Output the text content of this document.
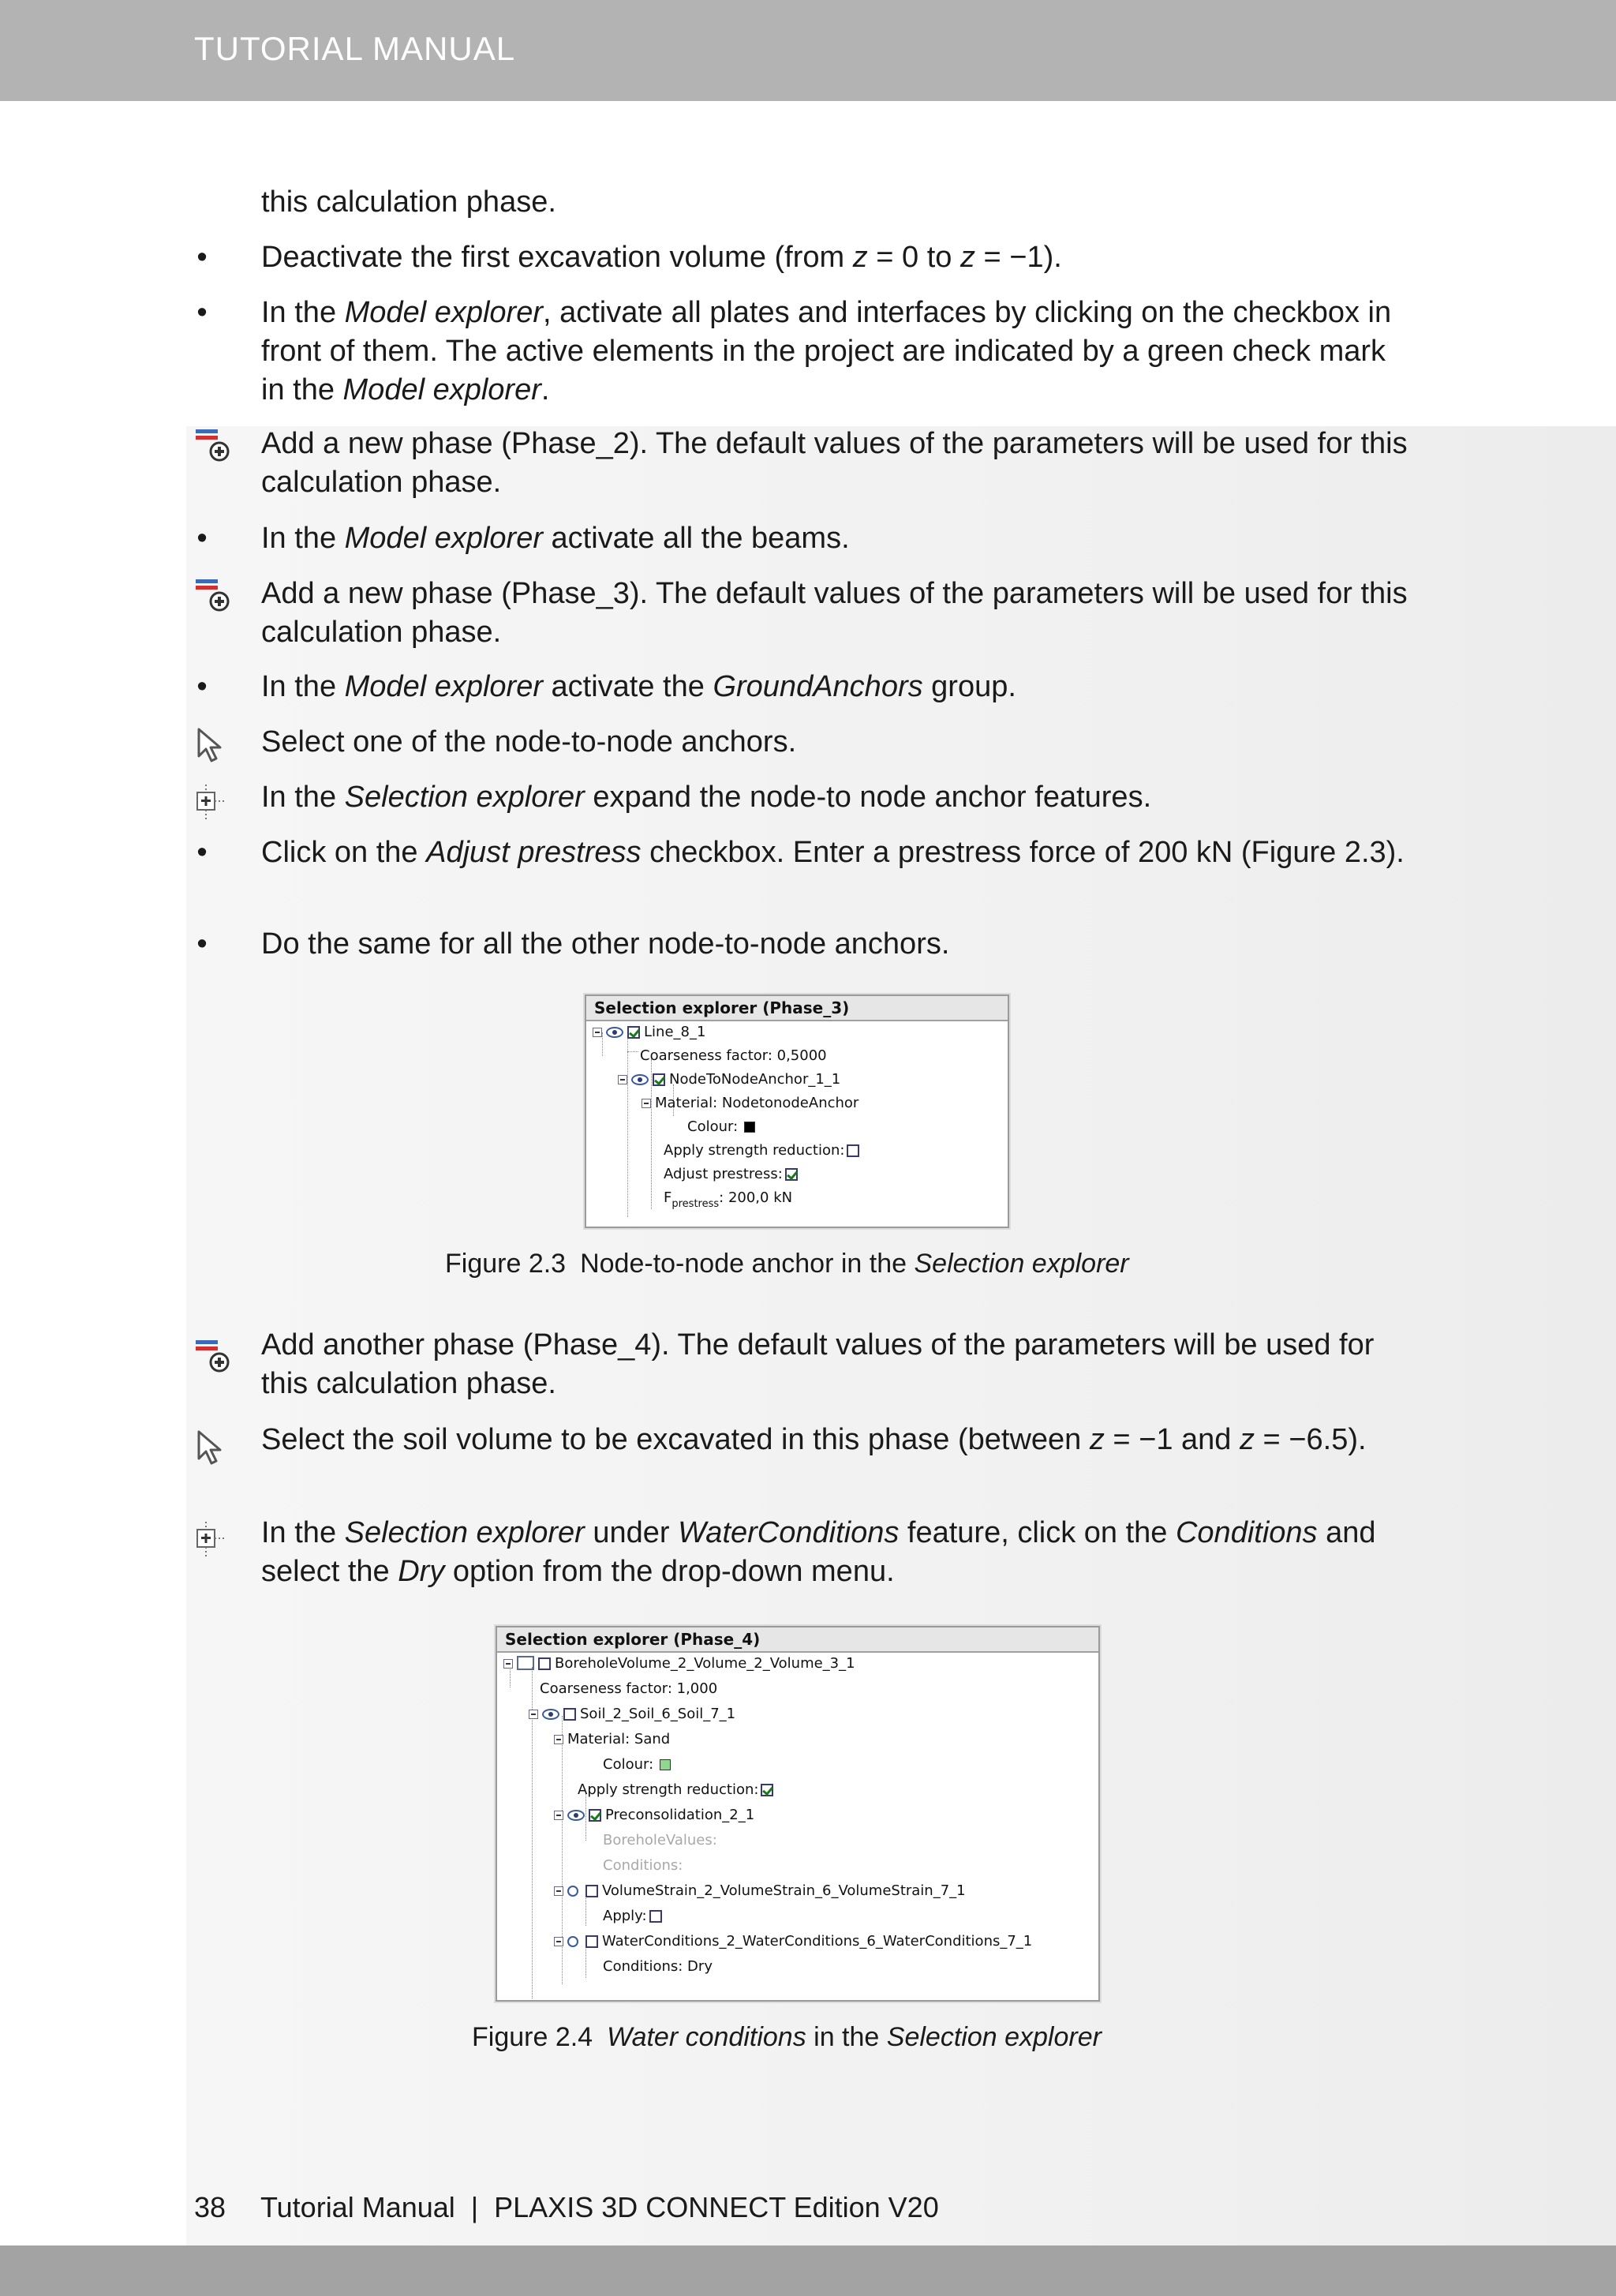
TUTORIAL MANUAL
this calculation phase.
• Deactivate the first excavation volume (from z = 0 to z = −1).
• In the Model explorer, activate all plates and interfaces by clicking on the checkbox in front of them. The active elements in the project are indicated by a green check mark in the Model explorer.
Add a new phase (Phase_2). The default values of the parameters will be used for this calculation phase.
• In the Model explorer activate all the beams.
Add a new phase (Phase_3). The default values of the parameters will be used for this calculation phase.
• In the Model explorer activate the GroundAnchors group.
Select one of the node-to-node anchors.
In the Selection explorer expand the node-to node anchor features.
• Click on the Adjust prestress checkbox. Enter a prestress force of 200 kN (Figure 2.3).
• Do the same for all the other node-to-node anchors.
Add another phase (Phase_4). The default values of the parameters will be used for this calculation phase.
Select the soil volume to be excavated in this phase (between z = −1 and z = −6.5).
In the Selection explorer under WaterConditions feature, click on the Conditions and select the Dry option from the drop-down menu.
Selection explorer (Phase_3)
Line_8_1
Coarseness factor: 0,5000
NodeToNodeAnchor_1_1
Material: NodetonodeAnchor
Colour:
Apply strength reduction:
Adjust prestress:
$F_{prestress}$: 200,0 kN
Figure 2.3 Node-to-node anchor in the Selection explorer
Selection explorer (Phase_4)
BoreholeVolume_2_Volume_2_Volume_3_1
Coarseness factor: 1,000
Soil_2_Soil_6_Soil_7_1
Material: Sand
Colour:
Apply strength reduction:
Preconsolidation_2_1
BoreholeValues:
Conditions:
VolumeStrain_2_VolumeStrain_6_VolumeStrain_7_1
Apply:
WaterConditions_2_WaterConditions_6_WaterConditions_7_1
Conditions: Dry
Figure 2.4 Water conditions in the Selection explorer
38 Tutorial Manual  |  PLAXIS 3D CONNECT Edition V20
